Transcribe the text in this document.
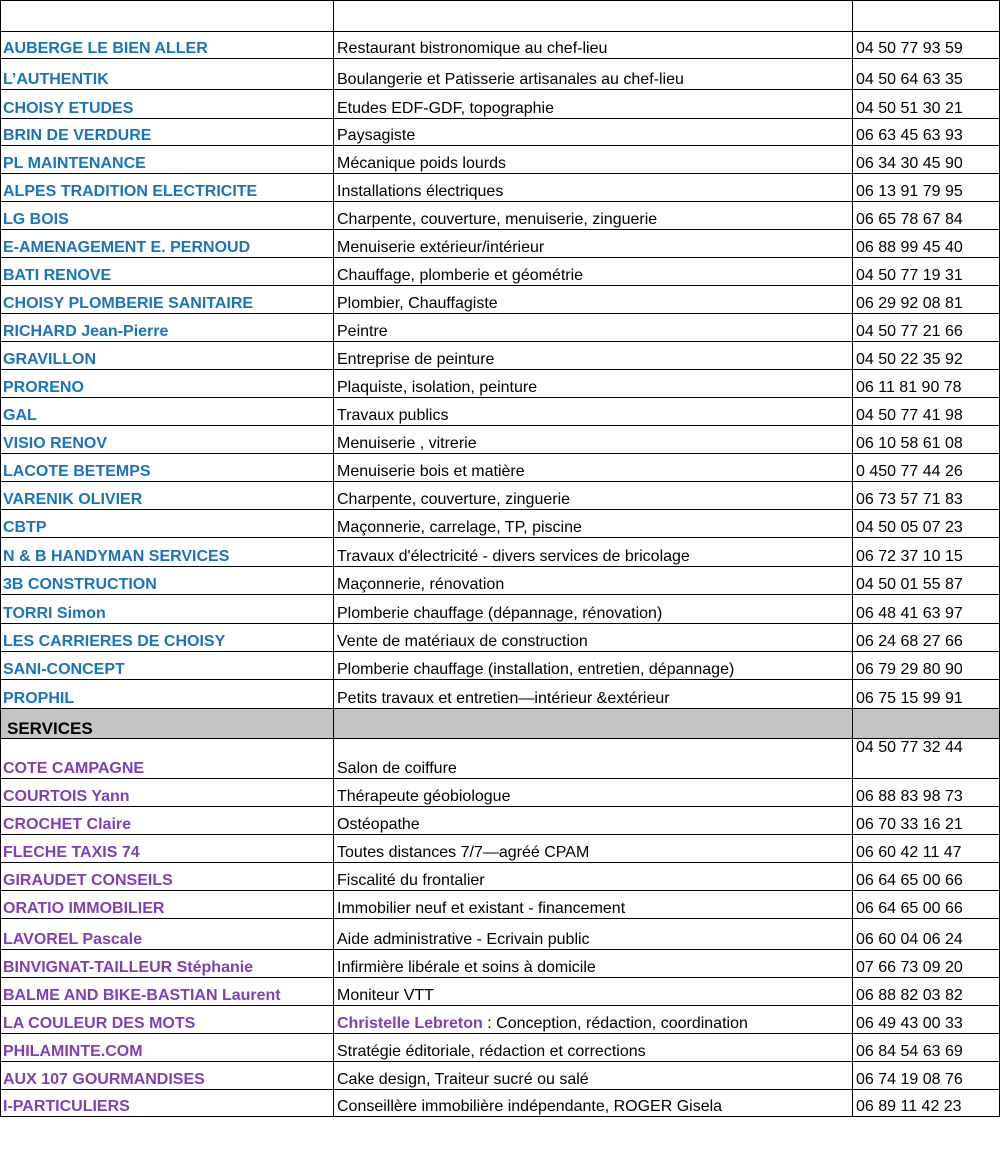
AUBERGE LE BIEN ALLER	Restaurant bistronomique au chef-lieu	04 50 77 93 59
L’AUTHENTIK	Boulangerie et Patisserie artisanales au chef-lieu	04 50 64 63 35
CHOISY ETUDES	Etudes EDF-GDF, topographie	04 50 51 30 21
BRIN DE VERDURE	Paysagiste	06 63 45 63 93
PL MAINTENANCE	Mécanique poids lourds	06 34 30 45 90
ALPES TRADITION ELECTRICITE	Installations électriques	06 13 91 79 95
LG BOIS	Charpente, couverture, menuiserie, zinguerie	06 65 78 67 84
E-AMENAGEMENT E. PERNOUD	Menuiserie extérieur/intérieur	06 88 99 45 40
BATI RENOVE	Chauffage, plomberie et géométrie	04 50 77 19 31
CHOISY PLOMBERIE SANITAIRE	Plombier, Chauffagiste	06 29 92 08 81
RICHARD Jean-Pierre	Peintre	04 50 77 21 66
GRAVILLON	Entreprise de peinture	04 50 22 35 92
PRORENO	Plaquiste, isolation, peinture	06 11 81 90 78
GAL	Travaux publics	04 50 77 41 98
VISIO RENOV	Menuiserie , vitrerie	06 10 58 61 08
LACOTE BETEMPS	Menuiserie bois et matière	0 450 77 44 26
VARENIK OLIVIER	Charpente, couverture, zinguerie	06 73 57 71 83
CBTP	Maçonnerie, carrelage, TP, piscine	04 50 05 07 23
N & B HANDYMAN SERVICES	Travaux d'électricité - divers services de bricolage	06 72 37 10 15
3B CONSTRUCTION	Maçonnerie, rénovation	04 50 01 55 87
TORRI Simon	Plomberie chauffage (dépannage, rénovation)	06 48 41 63 97
LES CARRIERES DE CHOISY	Vente de matériaux de construction	06 24 68 27 66
SANI-CONCEPT	Plomberie chauffage (installation, entretien, dépannage)	06 79 29 80 90
PROPHIL	Petits travaux et entretien—intérieur &extérieur	06 75 15 99 91
SERVICES		
COTE CAMPAGNE	Salon de coiffure	04 50 77 32 44
COURTOIS Yann	Thérapeute géobiologue	06 88 83 98 73
CROCHET Claire	Ostéopathe	06 70 33 16 21
FLECHE TAXIS 74	Toutes distances 7/7—agréé CPAM	06 60 42 11 47
GIRAUDET CONSEILS	Fiscalité du frontalier	06 64 65 00 66
ORATIO IMMOBILIER	Immobilier neuf et existant - financement	06 64 65 00 66
LAVOREL Pascale	Aide administrative - Ecrivain public	06 60 04 06 24
BINVIGNAT-TAILLEUR Stéphanie	Infirmière libérale et soins à domicile	07 66 73 09 20
BALME AND BIKE-BASTIAN Laurent	Moniteur VTT	06 88 82 03 82
LA COULEUR DES MOTS	Christelle Lebreton : Conception, rédaction, coordination	06 49 43 00 33
PHILAMINTE.COM	Stratégie éditoriale, rédaction et corrections	06 84 54 63 69
AUX 107 GOURMANDISES	Cake design, Traiteur sucré ou salé	06 74 19 08 76
I-PARTICULIERS	Conseillère immobilière indépendante, ROGER Gisela	06 89 11 42 23
